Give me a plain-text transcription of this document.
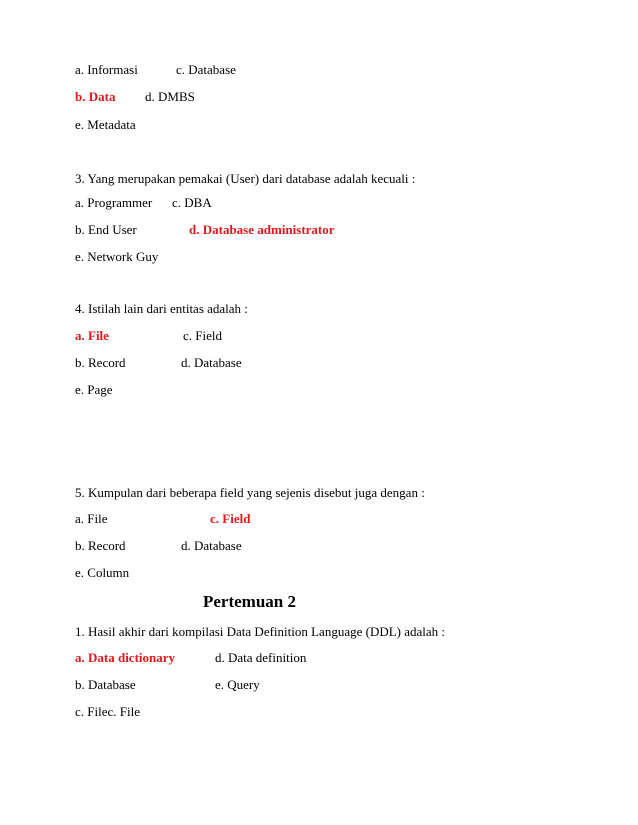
a. Informasi	c. Database
b. Data d. DMBS
e. Metadata
3. Yang merupakan pemakai (User) dari database adalah kecuali :
a. Programmer c. DBA
b. End User	d. Database administrator
e. Network Guy
4. Istilah lain dari entitas adalah :
a. File	c. Field
b. Record	d. Database
e. Page
5. Kumpulan dari beberapa field yang sejenis disebut juga dengan :
a. File	c. Field
b. Record	d. Database
e. Column
Pertemuan 2
1. Hasil akhir dari kompilasi Data Definition Language (DDL) adalah :
a. Data dictionary	d. Data definition
b. Database	e. Query
c. Filec. File
